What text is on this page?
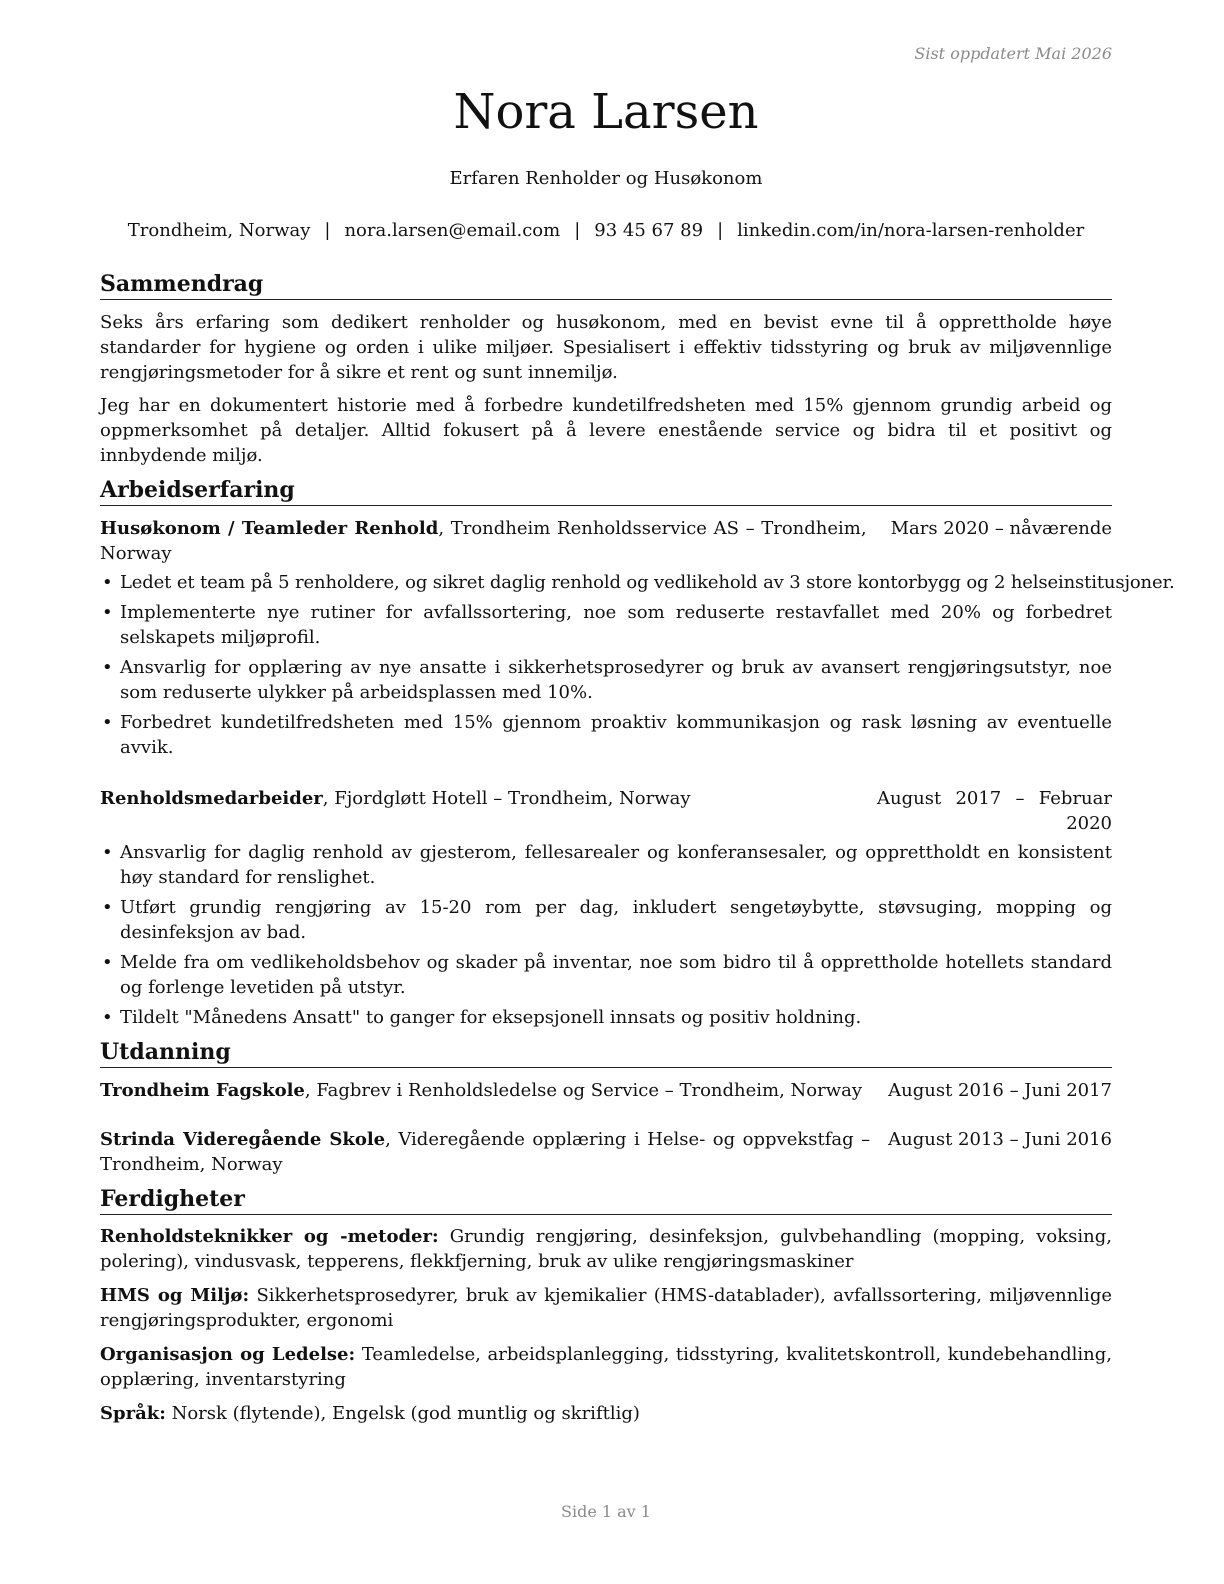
Sist oppdatert Mai 2026
Nora Larsen
Erfaren Renholder og Husøkonom
Trondheim, Norway | nora.larsen@email.com | 93 45 67 89 | linkedin.com/in/nora-larsen-renholder
Sammendrag

Seks års erfaring som dedikert renholder og husøkonom, med en bevist evne til å opprettholde høye standarder for hygiene og orden i ulike miljøer. Spesialisert i effektiv tidsstyring og bruk av miljøvennlige rengjøringsmetoder for å sikre et rent og sunt innemiljø.

Jeg har en dokumentert historie med å forbedre kundetilfredsheten med 15% gjennom grundig arbeid og oppmerksomhet på detaljer. Alltid fokusert på å levere enestående service og bidra til et positivt og innbydende miljø.

Arbeidserfaring
Husøkonom / Teamleder Renhold, Trondheim Renholdsservice AS – Trondheim, Norway
Mars 2020 – nåværende
• Ledet et team på 5 renholdere, og sikret daglig renhold og vedlikehold av 3 store kontorbygg og 2 helseinstitusjoner.
• Implementerte nye rutiner for avfallssortering, noe som reduserte restavfallet med 20% og forbedret selskapets miljøprofil.
• Ansvarlig for opplæring av nye ansatte i sikkerhetsprosedyrer og bruk av avansert rengjøringsutstyr, noe som reduserte ulykker på arbeidsplassen med 10%.
• Forbedret kundetilfredsheten med 15% gjennom proaktiv kommunikasjon og rask løsning av eventuelle avvik.
Renholdsmedarbeider, Fjordgløtt Hotell – Trondheim, Norway	August 2017 – Februar 2020
• Ansvarlig for daglig renhold av gjesterom, fellesarealer og konferansesaler, og opprettholdt en konsistent høy standard for renslighet.
• Utført grundig rengjøring av 15-20 rom per dag, inkludert sengetøybytte, støvsuging, mopping og desinfeksjon av bad.
• Melde fra om vedlikeholdsbehov og skader på inventar, noe som bidro til å opprettholde hotellets standard og forlenge levetiden på utstyr.
• Tildelt "Månedens Ansatt" to ganger for eksepsjonell innsats og positiv holdning.
Utdanning
Trondheim Fagskole, Fagbrev i Renholdsledelse og Service – Trondheim, Norway	August 2016 – Juni 2017
Strinda Videregående Skole, Videregående opplæring i Helse- og oppvekstfag – Trondheim, Norway
August 2013 – Juni 2016
Ferdigheter

Renholdsteknikker og -metoder: Grundig rengjøring, desinfeksjon, gulvbehandling (mopping, voksing, polering), vindusvask, tepperens, flekkfjerning, bruk av ulike rengjøringsmaskiner

HMS og Miljø: Sikkerhetsprosedyrer, bruk av kjemikalier (HMS-datablader), avfallssortering, miljøvennlige rengjøringsprodukter, ergonomi

Organisasjon og Ledelse: Teamledelse, arbeidsplanlegging, tidsstyring, kvalitetskontroll, kundebehandling, opplæring, inventarstyring

Språk: Norsk (flytende), Engelsk (god muntlig og skriftlig)

Side 1 av 1
